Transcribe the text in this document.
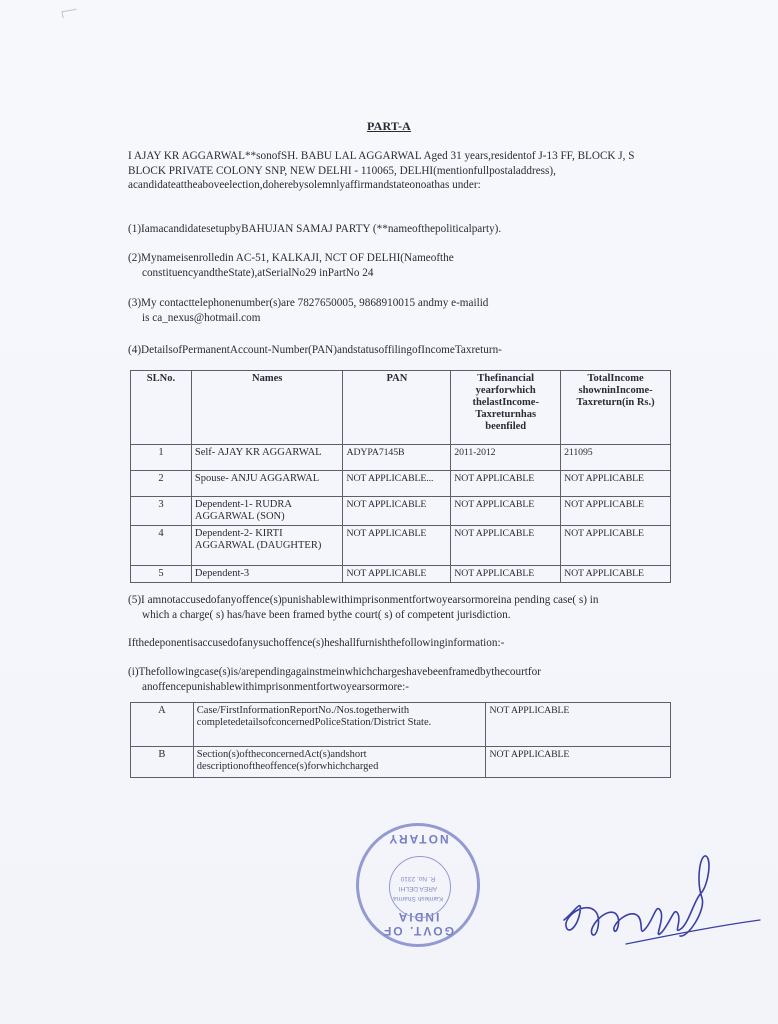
PART-A

I AJAY KR AGGARWAL**sonofSH. BABU LAL AGGARWAL Aged 31 years,residentof J-13 FF, BLOCK J, S BLOCK PRIVATE COLONY SNP, NEW DELHI - 110065, DELHI(mentionfullpostaladdress), acandidateattheaboveelection,doherebysolemnlyaffirmandstateonoathas under:

(1)IamacandidatesetupbyBAHUJAN SAMAJ PARTY (**nameofthepoliticalparty).

(2)Mynameisenrolledin AC-51, KALKAJI, NCT OF DELHI(Nameofthe
constituencyandtheState),atSerialNo29 inPartNo 24

(3)My contacttelephonenumber(s)are 7827650005, 9868910015 andmy e-mailid
is ca_nexus@hotmail.com

(4)DetailsofPermanentAccount-Number(PAN)andstatusoffilingofIncomeTaxreturn-

SLNo.	Names	PAN	Thefinancial yearforwhich thelastIncome-Taxreturnhas beenfiled	TotalIncome showninIncome-Taxreturn(in Rs.)
1	Self- AJAY KR AGGARWAL	ADYPA7145B	2011-2012	211095
2	Spouse- ANJU AGGARWAL	NOT APPLICABLE...	NOT APPLICABLE	NOT APPLICABLE
3	Dependent-1- RUDRA AGGARWAL (SON)	NOT APPLICABLE	NOT APPLICABLE	NOT APPLICABLE
4	Dependent-2- KIRTI AGGARWAL (DAUGHTER)	NOT APPLICABLE	NOT APPLICABLE	NOT APPLICABLE
5	Dependent-3	NOT APPLICABLE	NOT APPLICABLE	NOT APPLICABLE

(5)I amnotaccusedofanyoffence(s)punishablewithimprisonmentfortwoyearsormoreina pending case( s) in
which a charge( s) has/have been framed bythe court( s) of competent jurisdiction.

Ifthedeponentisaccusedofanysuchoffence(s)heshallfurnishthefollowinginformation:-

(i)Thefollowingcase(s)is/arependingagainstmeinwhichchargeshavebeenframedbythecourtfor
anoffencepunishablewithimprisonmentfortwoyearsormore:-

A	Case/FirstInformationReportNo./Nos.togetherwith completedetailsofconcernedPoliceStation/District State.	NOT APPLICABLE
B	Section(s)oftheconcernedAct(s)andshort descriptionoftheoffence(s)forwhichcharged	NOT APPLICABLE
GOVT. OF INDIA
Kamlesh Sharma
AREA DELHI
R. No. 2310
NOTARY
